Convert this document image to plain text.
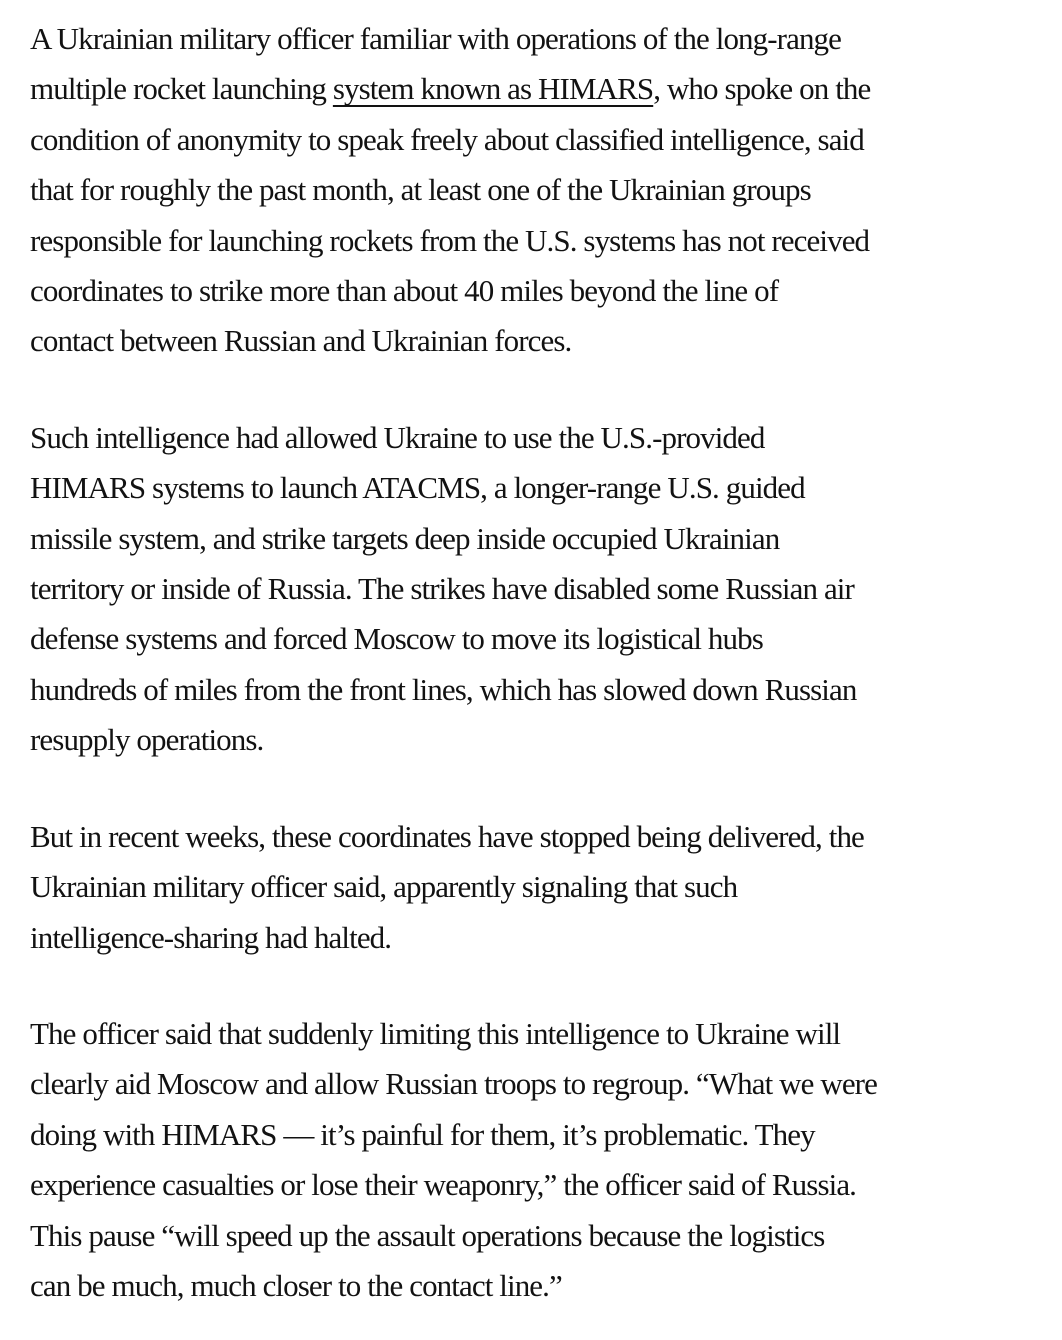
A Ukrainian military officer familiar with operations of the long-range
multiple rocket launching system known as HIMARS, who spoke on the
condition of anonymity to speak freely about classified intelligence, said
that for roughly the past month, at least one of the Ukrainian groups
responsible for launching rockets from the U.S. systems has not received
coordinates to strike more than about 40 miles beyond the line of
contact between Russian and Ukrainian forces.

Such intelligence had allowed Ukraine to use the U.S.-provided
HIMARS systems to launch ATACMS, a longer-range U.S. guided
missile system, and strike targets deep inside occupied Ukrainian
territory or inside of Russia. The strikes have disabled some Russian air
defense systems and forced Moscow to move its logistical hubs
hundreds of miles from the front lines, which has slowed down Russian
resupply operations.

But in recent weeks, these coordinates have stopped being delivered, the
Ukrainian military officer said, apparently signaling that such
intelligence-sharing had halted.

The officer said that suddenly limiting this intelligence to Ukraine will
clearly aid Moscow and allow Russian troops to regroup. “What we were
doing with HIMARS — it’s painful for them, it’s problematic. They
experience casualties or lose their weaponry,” the officer said of Russia.
This pause “will speed up the assault operations because the logistics
can be much, much closer to the contact line.”
